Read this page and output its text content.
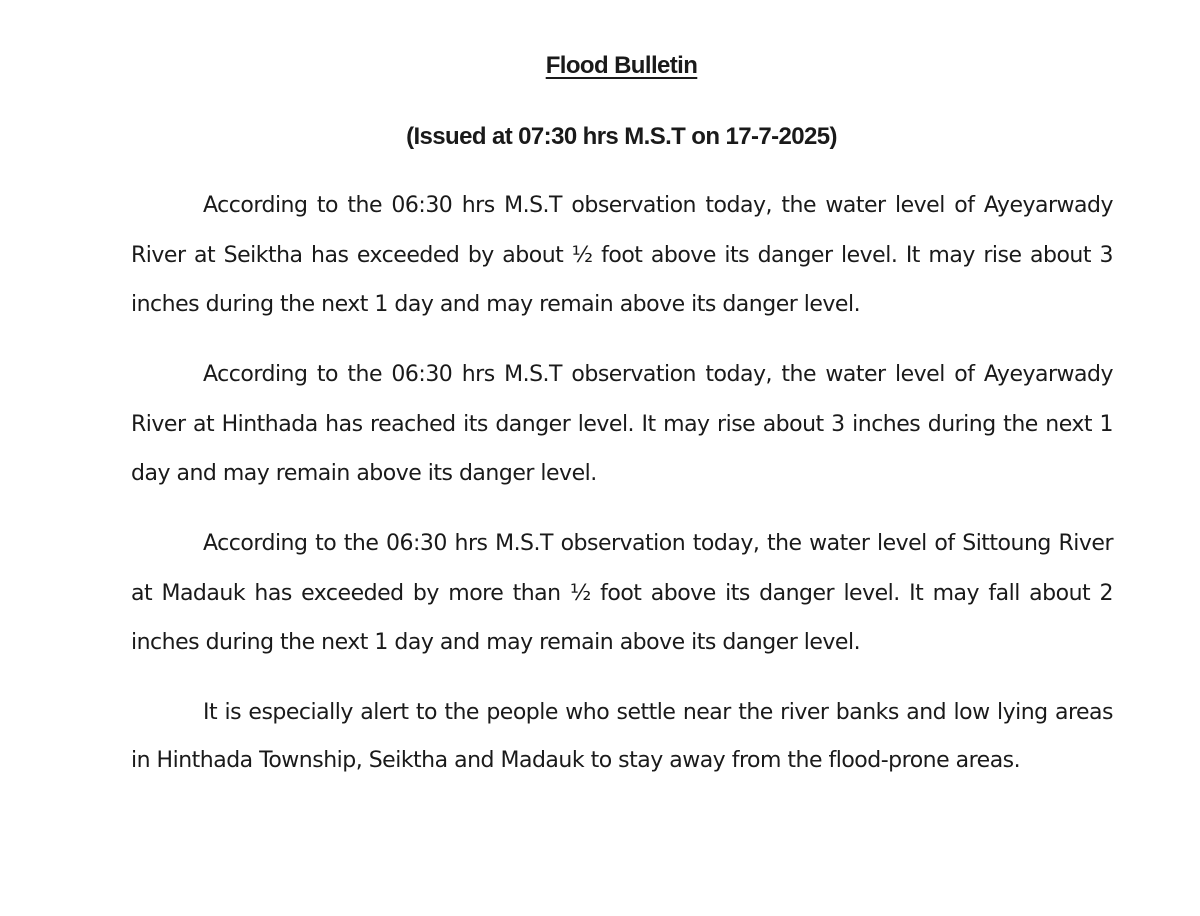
Flood Bulletin
(Issued at 07:30 hrs M.S.T on 17-7-2025)

According to the 06:30 hrs M.S.T observation today, the water level of Ayeyarwady River at Seiktha has exceeded by about ½ foot above its danger level. It may rise about 3 inches during the next 1 day and may remain above its danger level.

According to the 06:30 hrs M.S.T observation today, the water level of Ayeyarwady River at Hinthada has reached its danger level. It may rise about 3 inches during the next 1 day and may remain above its danger level.

According to the 06:30 hrs M.S.T observation today, the water level of Sittoung River at Madauk has exceeded by more than ½ foot above its danger level. It may fall about 2 inches during the next 1 day and may remain above its danger level.

It is especially alert to the people who settle near the river banks and low lying areas in Hinthada Township, Seiktha and Madauk to stay away from the flood-prone areas.
